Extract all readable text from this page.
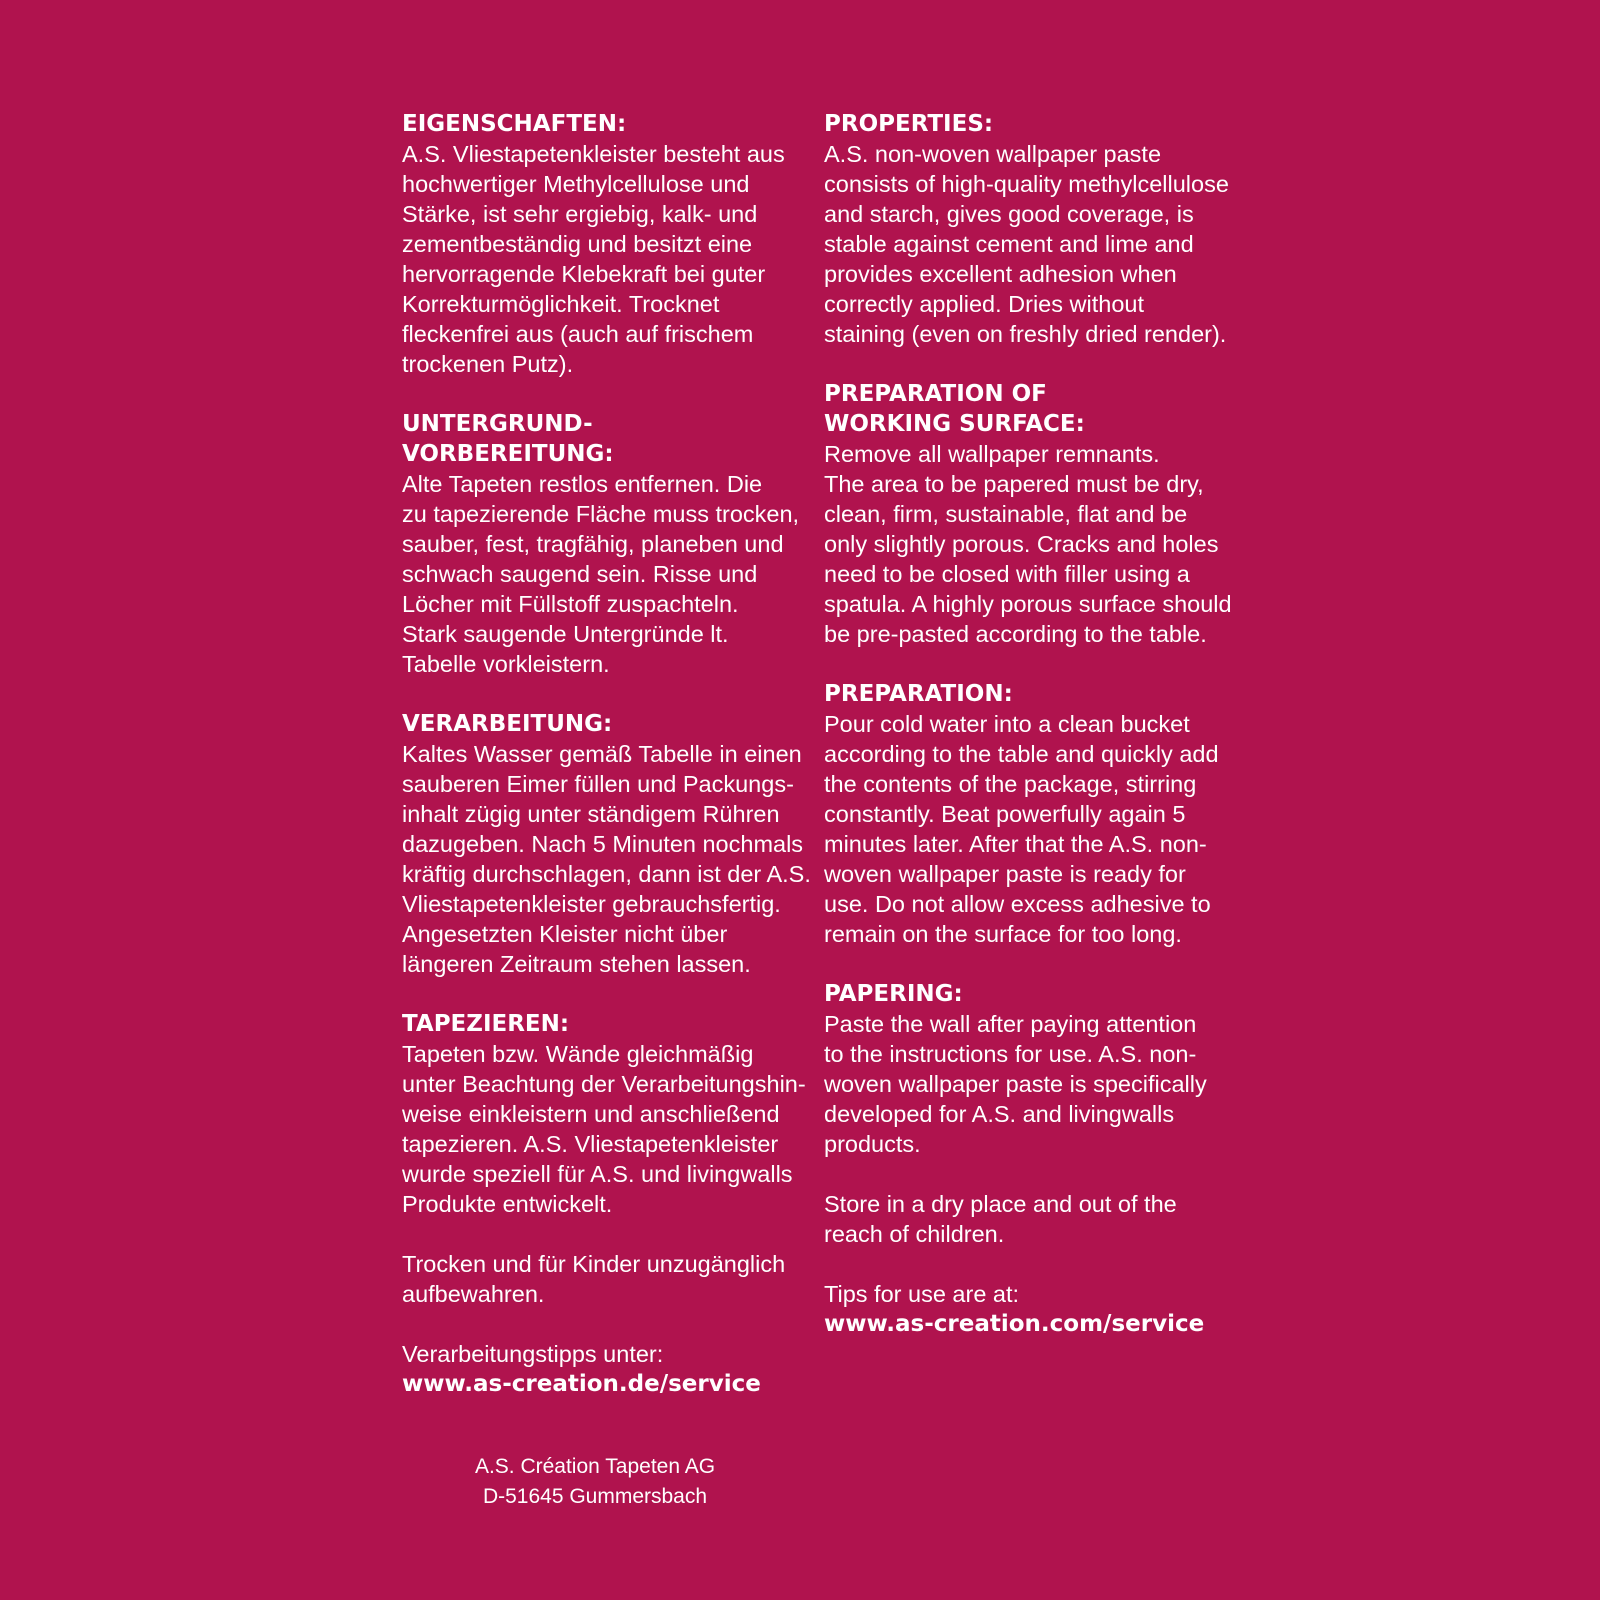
EIGENSCHAFTEN:

A.S. Vliestapetenkleister besteht aus
hochwertiger Methylcellulose und
Stärke, ist sehr ergiebig, kalk- und
zementbeständig und besitzt eine
hervorragende Klebekraft bei guter
Korrekturmöglichkeit. Trocknet
fleckenfrei aus (auch auf frischem
trockenen Putz).

UNTERGRUND-
VORBEREITUNG:

Alte Tapeten restlos entfernen. Die
zu tapezierende Fläche muss trocken,
sauber, fest, tragfähig, planeben und
schwach saugend sein. Risse und
Löcher mit Füllstoff zuspachteln.
Stark saugende Untergründe lt.
Tabelle vorkleistern.

VERARBEITUNG:

Kaltes Wasser gemäß Tabelle in einen
sauberen Eimer füllen und Packungs-
inhalt zügig unter ständigem Rühren
dazugeben. Nach 5 Minuten nochmals
kräftig durchschlagen, dann ist der A.S.
Vliestapetenkleister gebrauchsfertig.
Angesetzten Kleister nicht über
längeren Zeitraum stehen lassen.

TAPEZIEREN:

Tapeten bzw. Wände gleichmäßig
unter Beachtung der Verarbeitungshin-
weise einkleistern und anschließend
tapezieren. A.S. Vliestapetenkleister
wurde speziell für A.S. und livingwalls
Produkte entwickelt.

Trocken und für Kinder unzugänglich
aufbewahren.

Verarbeitungstipps unter:

www.as-creation.de/service

PROPERTIES:

A.S. non-woven wallpaper paste
consists of high-quality methylcellulose
and starch, gives good coverage, is
stable against cement and lime and
provides excellent adhesion when
correctly applied. Dries without
staining (even on freshly dried render).

PREPARATION OF
WORKING SURFACE:

Remove all wallpaper remnants.
The area to be papered must be dry,
clean, firm, sustainable, flat and be
only slightly porous. Cracks and holes
need to be closed with filler using a
spatula. A highly porous surface should
be pre-pasted according to the table.

PREPARATION:

Pour cold water into a clean bucket
according to the table and quickly add
the contents of the package, stirring
constantly. Beat powerfully again 5
minutes later. After that the A.S. non-
woven wallpaper paste is ready for
use. Do not allow excess adhesive to
remain on the surface for too long.

PAPERING:

Paste the wall after paying attention
to the instructions for use. A.S. non-
woven wallpaper paste is specifically
developed for A.S. and livingwalls
products.

Store in a dry place and out of the
reach of children.

Tips for use are at:

www.as-creation.com/service

A.S. Création Tapeten AG
D-51645 Gummersbach
